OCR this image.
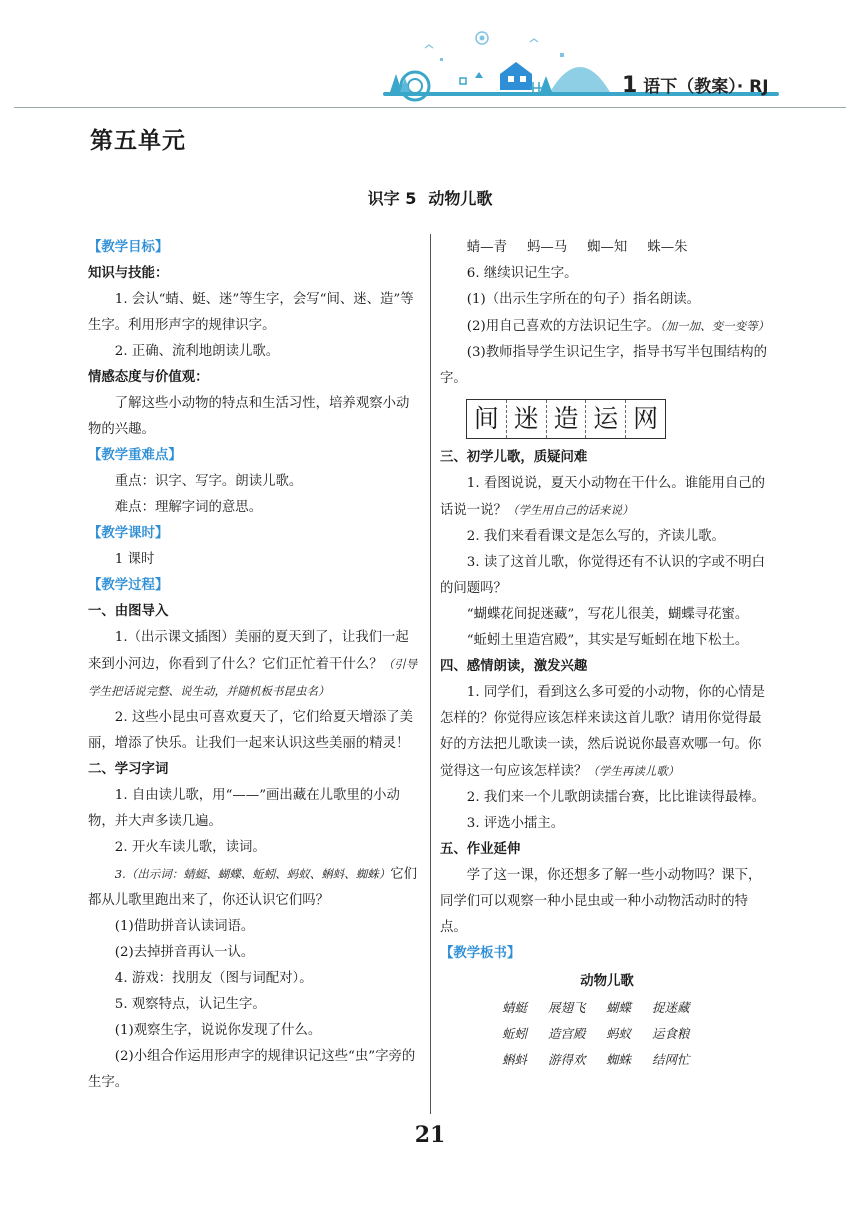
1 语下（教案）· RJ
第五单元
识字 5 动物儿歌

【教学目标】

知识与技能：

1. 会认“蜻、蜓、迷”等生字，会写“间、迷、造”等生字。利用形声字的规律识字。

2. 正确、流利地朗读儿歌。

情感态度与价值观：

了解这些小动物的特点和生活习性，培养观察小动物的兴趣。

【教学重难点】

重点：识字、写字。朗读儿歌。

难点：理解字词的意思。

【教学课时】

1 课时

【教学过程】

一、由图导入

1.（出示课文插图）美丽的夏天到了，让我们一起来到小河边，你看到了什么？它们正忙着干什么？（引导学生把话说完整、说生动，并随机板书昆虫名）

2. 这些小昆虫可喜欢夏天了，它们给夏天增添了美丽，增添了快乐。让我们一起来认识这些美丽的精灵！

二、学习字词

1. 自由读儿歌，用“——”画出藏在儿歌里的小动物，并大声多读几遍。

2. 开火车读儿歌，读词。

3.（出示词：蜻蜓、蝴蝶、蚯蚓、蚂蚁、蝌蚪、蜘蛛）它们都从儿歌里跑出来了，你还认识它们吗？

(1)借助拼音认读词语。

(2)去掉拼音再认一认。

4. 游戏：找朋友（图与词配对）。

5. 观察特点，认记生字。

(1)观察生字，说说你发现了什么。

(2)小组合作运用形声字的规律识记这些“虫”字旁的生字。

蜻—青 蚂—马 蜘—知 蛛—朱

6. 继续识记生字。

(1)（出示生字所在的句子）指名朗读。

(2)用自己喜欢的方法识记生字。（加一加、变一变等）

(3)教师指导学生识记生字，指导书写半包围结构的字。

间 迷 造 运 网

三、初学儿歌，质疑问难

1. 看图说说，夏天小动物在干什么。谁能用自己的话说一说？（学生用自己的话来说）

2. 我们来看看课文是怎么写的，齐读儿歌。

3. 读了这首儿歌，你觉得还有不认识的字或不明白的问题吗？

“蝴蝶花间捉迷藏”，写花儿很美，蝴蝶寻花蜜。

“蚯蚓土里造宫殿”，其实是写蚯蚓在地下松土。

四、感情朗读，激发兴趣

1. 同学们，看到这么多可爱的小动物，你的心情是怎样的？你觉得应该怎样来读这首儿歌？请用你觉得最好的方法把儿歌读一读，然后说说你最喜欢哪一句。你觉得这一句应该怎样读？（学生再读儿歌）

2. 我们来一个儿歌朗读擂台赛，比比谁读得最棒。

3. 评选小擂主。

五、作业延伸

学了这一课，你还想多了解一些小动物吗？课下，同学们可以观察一种小昆虫或一种小动物活动时的特点。

【教学板书】

动物儿歌

蜻蜓	展翅飞	蝴蝶	捉迷藏
蚯蚓	造宫殿	蚂蚁	运食粮
蝌蚪	游得欢	蜘蛛	结网忙
21
